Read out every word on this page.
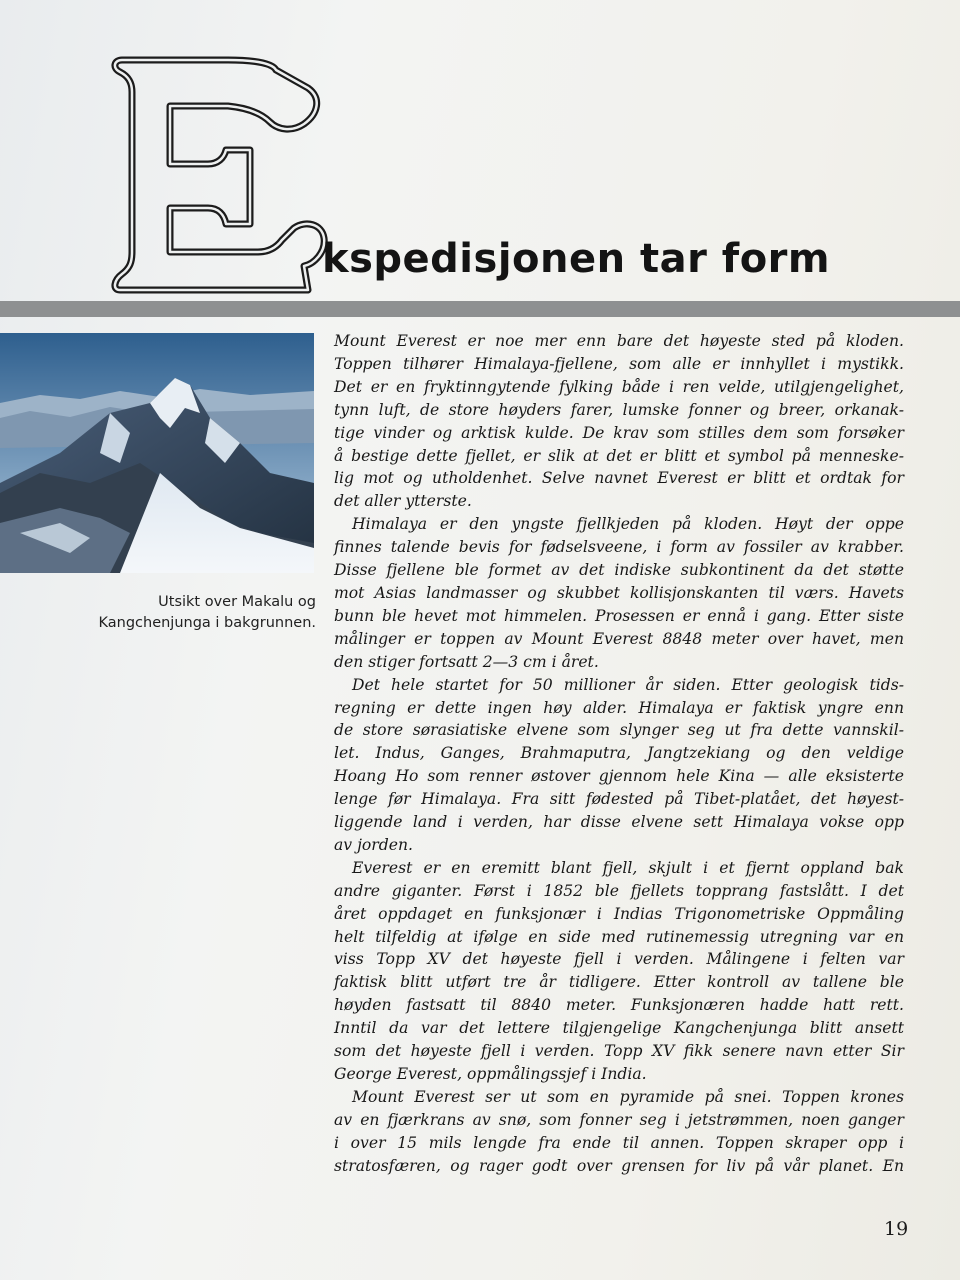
kspedisjonen tar form
Utsikt over Makalu og
Kangchenjunga i bakgrunnen.
Mount Everest er noe mer enn bare det høyeste sted på kloden.
Toppen tilhører Himalaya-fjellene, som alle er innhyllet i mystikk.
Det er en fryktinngytende fylking både i ren velde, utilgjengelighet,
tynn luft, de store høyders farer, lumske fonner og breer, orkanak-
tige vinder og arktisk kulde. De krav som stilles dem som forsøker
å bestige dette fjellet, er slik at det er blitt et symbol på menneske-
lig mot og utholdenhet. Selve navnet Everest er blitt et ordtak for
det aller ytterste.
Himalaya er den yngste fjellkjeden på kloden. Høyt der oppe
finnes talende bevis for fødselsveene, i form av fossiler av krabber.
Disse fjellene ble formet av det indiske subkontinent da det støtte
mot Asias landmasser og skubbet kollisjonskanten til værs. Havets
bunn ble hevet mot himmelen. Prosessen er ennå i gang. Etter siste
målinger er toppen av Mount Everest 8848 meter over havet, men
den stiger fortsatt 2—3 cm i året.
Det hele startet for 50 millioner år siden. Etter geologisk tids-
regning er dette ingen høy alder. Himalaya er faktisk yngre enn
de store sørasiatiske elvene som slynger seg ut fra dette vannskil-
let. Indus, Ganges, Brahmaputra, Jangtzekiang og den veldige
Hoang Ho som renner østover gjennom hele Kina — alle eksisterte
lenge før Himalaya. Fra sitt fødested på Tibet-platået, det høyest-
liggende land i verden, har disse elvene sett Himalaya vokse opp
av jorden.
Everest er en eremitt blant fjell, skjult i et fjernt oppland bak
andre giganter. Først i 1852 ble fjellets topprang fastslått. I det
året oppdaget en funksjonær i Indias Trigonometriske Oppmåling
helt tilfeldig at ifølge en side med rutinemessig utregning var en
viss Topp XV det høyeste fjell i verden. Målingene i felten var
faktisk blitt utført tre år tidligere. Etter kontroll av tallene ble
høyden fastsatt til 8840 meter. Funksjonæren hadde hatt rett.
Inntil da var det lettere tilgjengelige Kangchenjunga blitt ansett
som det høyeste fjell i verden. Topp XV fikk senere navn etter Sir
George Everest, oppmålingssjef i India.
Mount Everest ser ut som en pyramide på snei. Toppen krones
av en fjærkrans av snø, som fonner seg i jetstrømmen, noen ganger
i over 15 mils lengde fra ende til annen. Toppen skraper opp i
stratosfæren, og rager godt over grensen for liv på vår planet. En
19
